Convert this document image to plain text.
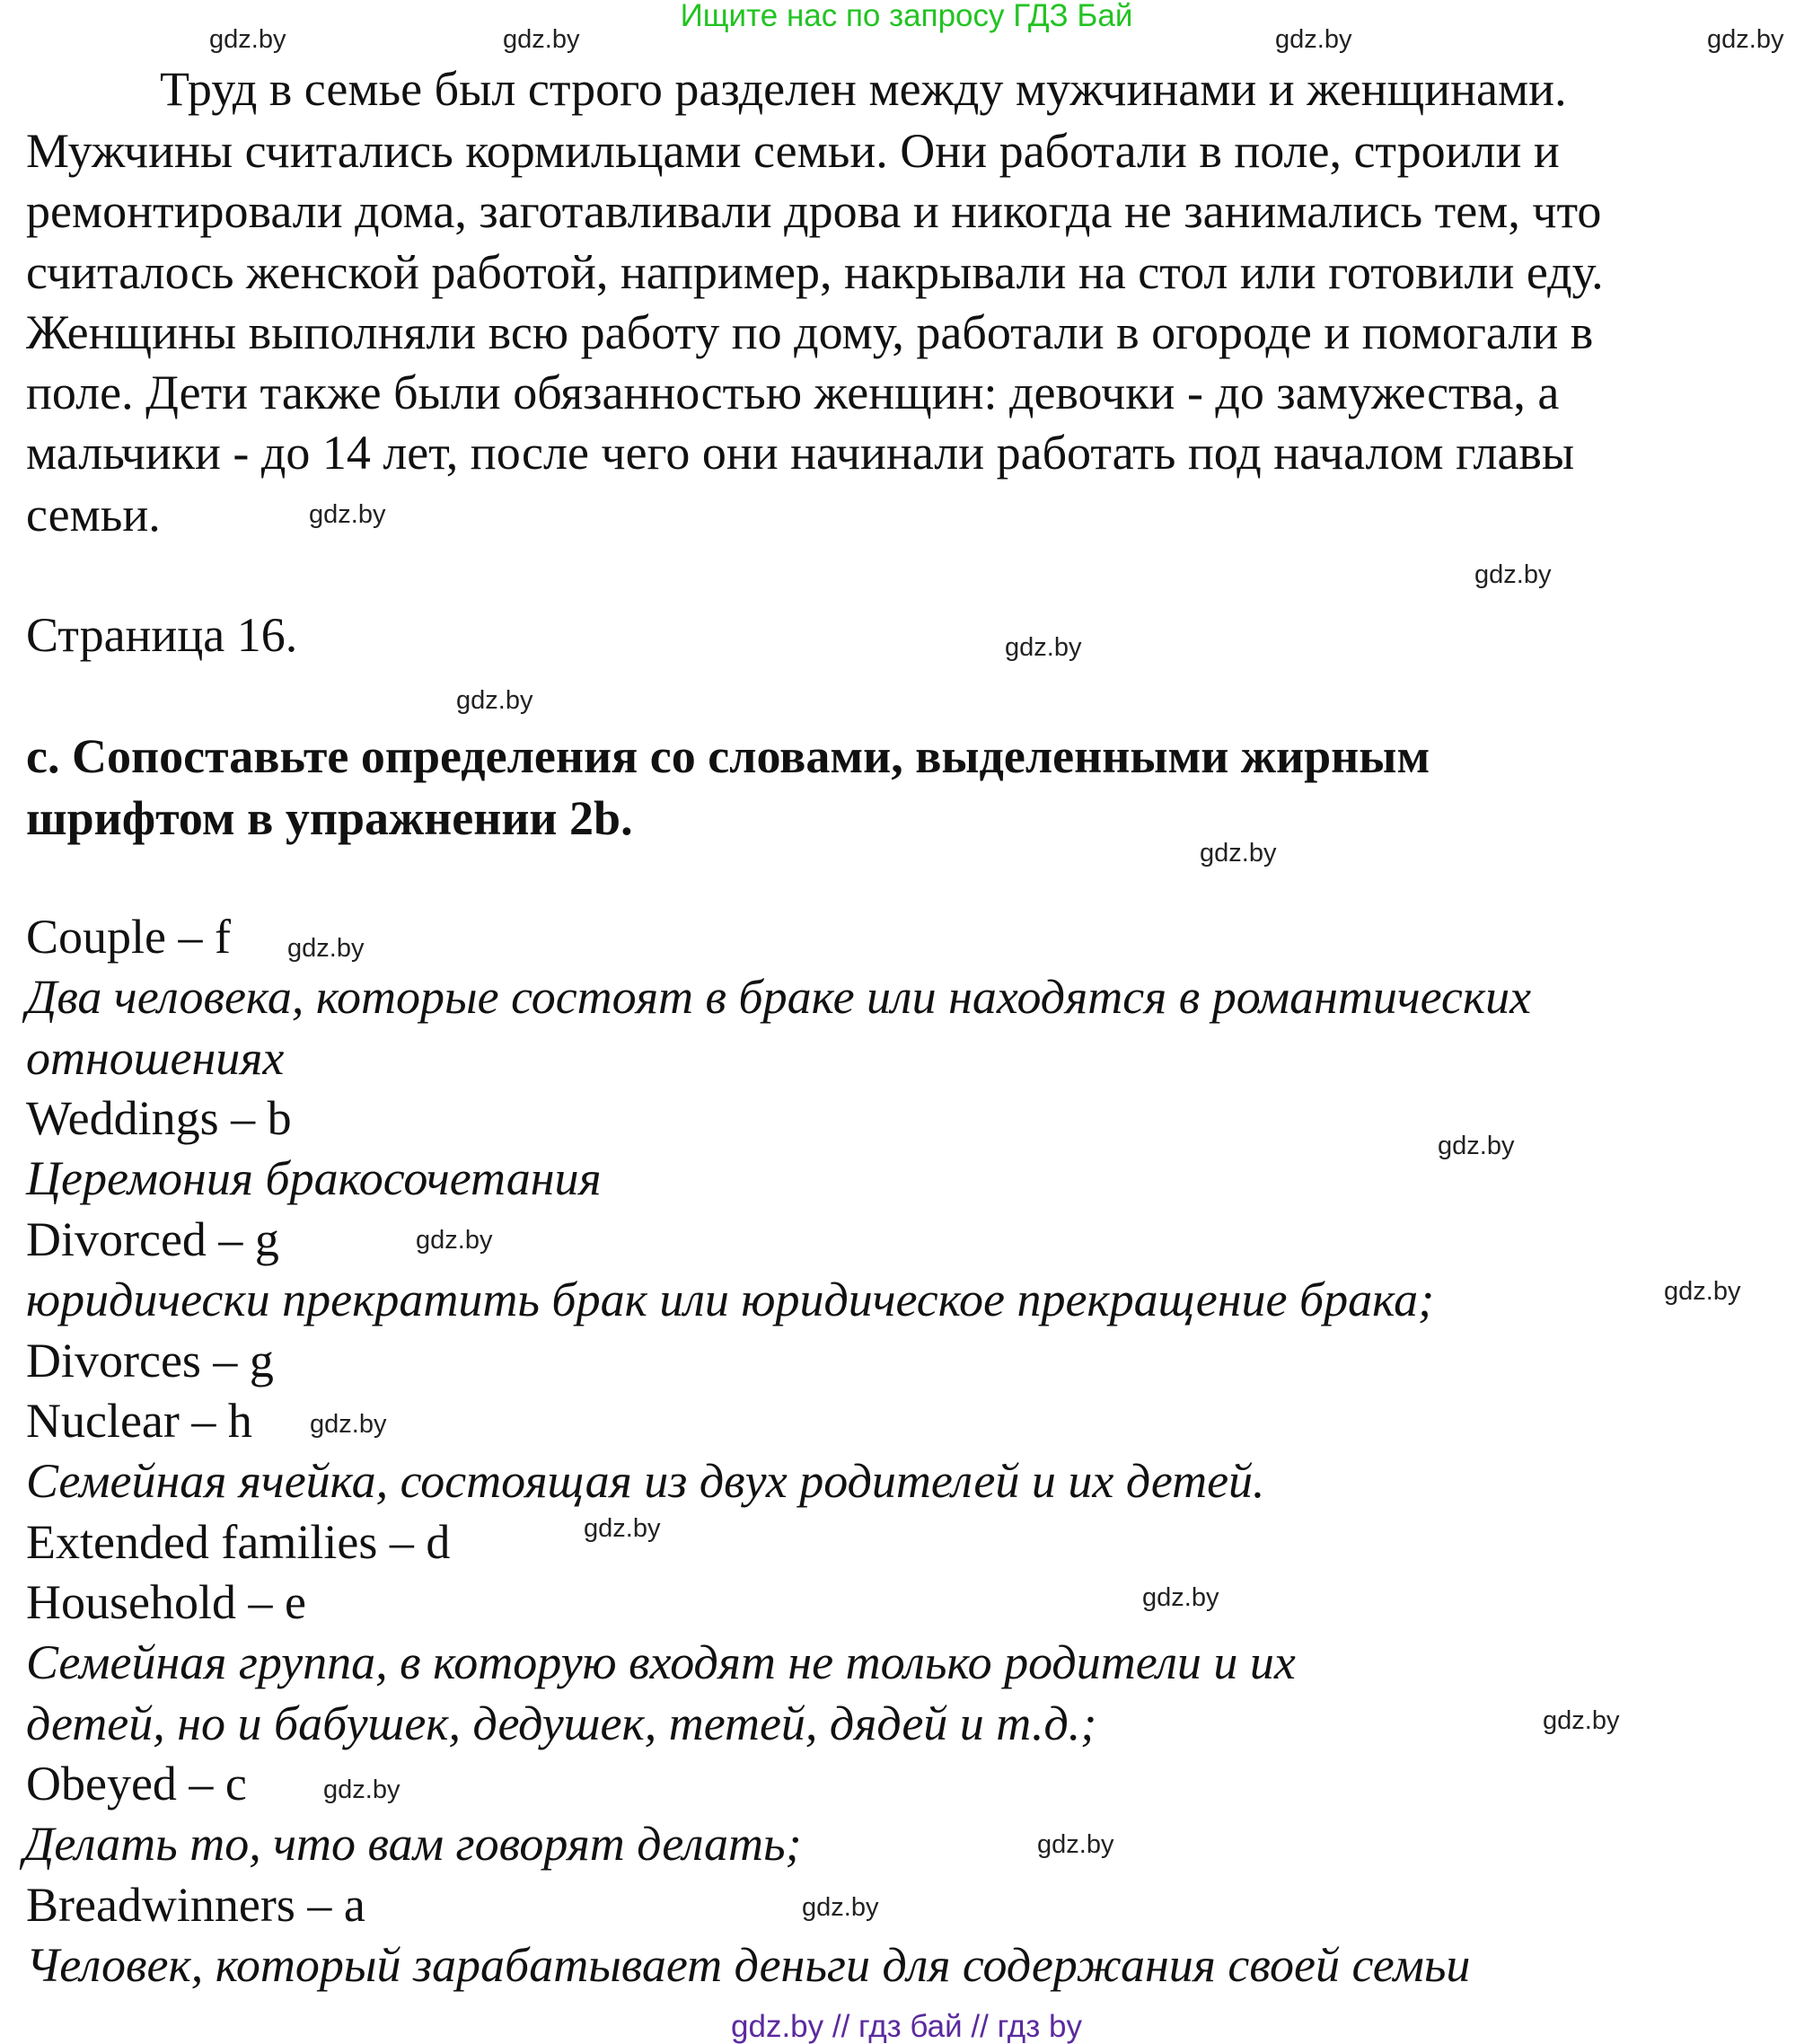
Ищите нас по запросу ГДЗ Бай
Труд в семье был строго разделен между мужчинами и женщинами.
Мужчины считались кормильцами семьи. Они работали в поле, строили и
ремонтировали дома, заготавливали дрова и никогда не занимались тем, что
считалось женской работой, например, накрывали на стол или готовили еду.
Женщины выполняли всю работу по дому, работали в огороде и помогали в
поле. Дети также были обязанностью женщин: девочки - до замужества, а
мальчики - до 14 лет, после чего они начинали работать под началом главы
семьи.
Страница 16.
с. Сопоставьте определения со словами, выделенными жирным
шрифтом в упражнении 2b.
Couple – f
Два человека, которые состоят в браке или находятся в романтических
отношениях
Weddings – b
Церемония бракосочетания
Divorced – g
юридически прекратить брак или юридическое прекращение брака;
Divorces – g
Nuclear – h
Семейная ячейка, состоящая из двух родителей и их детей.
Extended families – d
Household – e
Семейная группа, в которую входят не только родители и их
детей, но и бабушек, дедушек, тетей, дядей и т.д.;
Obeyed – c
Делать то, что вам говорят делать;
Breadwinners – a
Человек, который зарабатывает деньги для содержания своей семьи
gdz.by	gdz.by
gdz.by	gdz.by
gdz.by
gdz.by
gdz.by
gdz.by
gdz.by
gdz.by
gdz.by
gdz.by
gdz.by
gdz.by
gdz.by
gdz.by
gdz.by
gdz.by
gdz.by
gdz.by
gdz.by // гдз бай // гдз by
